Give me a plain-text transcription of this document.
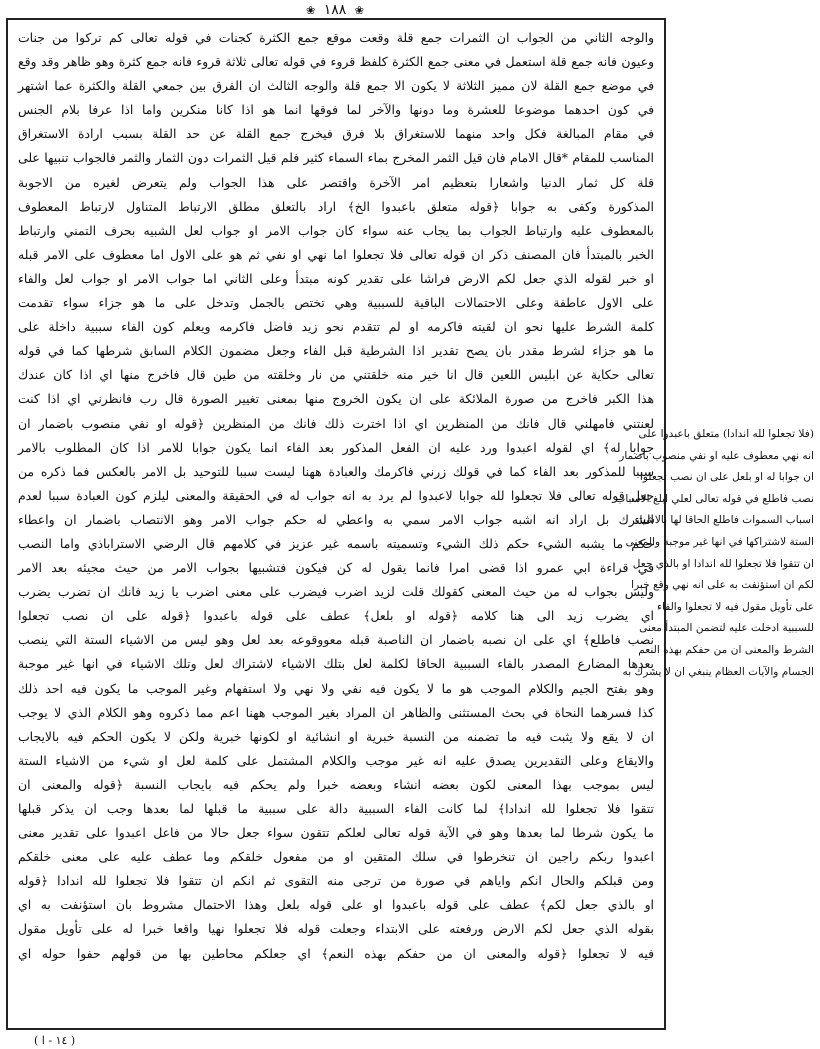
❀ ١٨٨ ❀
والوجه الثاني من الجواب ان الثمرات جمع قلة وقعت موقع جمع الكثرة كجنات في قوله تعالى كم تركوا من جنات
وعيون فانه جمع قلة استعمل في معنى جمع الكثرة كلفظ قروء في قوله تعالى ثلاثة قروء فانه جمع كثرة وهو ظاهر وقد وقع
في موضع جمع القلة لان مميز الثلاثة لا يكون الا جمع قلة والوجه الثالث ان الفرق بين جمعي القلة والكثرة عما اشتهر
في كون احدهما موضوعا للعشرة وما دونها والآخر لما فوقها انما هو اذا كانا منكرين واما اذا عرفا بلام الجنس
في مقام المبالغة فكل واحد منهما للاستغراق بلا فرق فيخرج جمع القلة عن حد القلة بسبب ارادة الاستغراق
المناسب للمقام *قال الامام فان قيل الثمر المخرج بماء السماء كثير فلم قيل الثمرات دون الثمار والثمر فالجواب تنبيها على
قلة كل ثمار الدنيا واشعارا بتعظيم امر الآخرة واقتصر على هذا الجواب ولم يتعرض لغيره من الاجوبة
المذكورة وكفى به جوابا ﴿قوله متعلق باعبدوا الخ﴾ اراد بالتعلق مطلق الارتباط المتناول لارتباط المعطوف
بالمعطوف عليه وارتباط الجواب بما يجاب عنه سواء كان جواب الامر او جواب لعل الشبيه بحرف التمني وارتباط
الخبر بالمبتدأ فان المصنف ذكر ان قوله تعالى فلا تجعلوا اما نهي او نفي ثم هو على الاول اما معطوف على الامر قبله
او خبر لقوله الذي جعل لكم الارض فراشا على تقدير كونه مبتدأ وعلى الثاني اما جواب الامر او جواب لعل والفاء
على الاول عاطفة وعلى الاحتمالات الباقية للسببية وهي تختص بالجمل وتدخل على ما هو جزاء سواء تقدمت
كلمة الشرط عليها نحو ان لقيته فاكرمه او لم تتقدم نحو زيد فاضل فاكرمه ويعلم كون الفاء سببية داخلة على
ما هو جزاء لشرط مقدر بان يصح تقدير اذا الشرطية قبل الفاء وجعل مضمون الكلام السابق شرطها كما في قوله
تعالى حكاية عن ابليس اللعين قال انا خير منه خلقتني من نار وخلقته من طين قال فاخرج منها اي اذا كان عندك
هذا الكبر فاخرج من صورة الملائكة على ان يكون الخروج منها بمعنى تغيير الصورة قال رب فانظرني اي اذا كنت
لعنتني فامهلني قال فانك من المنظرين اي اذا اخترت ذلك فانك من المنظرين ﴿قوله او نفي منصوب باضمار ان
جوابا له﴾ اي لقوله اعبدوا ورد عليه ان الفعل المذكور بعد الفاء انما يكون جوابا للامر اذا كان المطلوب بالامر
سببا للمذكور بعد الفاء كما في قولك زرني فاكرمك والعبادة ههنا ليست سببا للتوحيد بل الامر بالعكس فما ذكره من
جعل قوله تعالى فلا تجعلوا لله جوابا لاعبدوا لم يرد به انه جواب له في الحقيقة والمعنى ليلزم كون العبادة سببا لعدم
الشرك بل اراد انه اشبه جواب الامر سمي به واعطي له حكم جواب الامر وهو الانتصاب باضمار ان واعطاء
حكم ما يشبه الشيء حكم ذلك الشيء وتسميته باسمه غير عزيز في كلامهم قال الرضي الاستراباذي واما النصب
في قراءة ابي عمرو اذا قضى امرا فانما يقول له كن فيكون فتشبيها بجواب الامر من حيث مجيئه بعد الامر
وليس بجواب له من حيث المعنى كقولك قلت لزيد اضرب فيضرب على معنى اضرب يا زيد فانك ان تضرب يضرب
اي يضرب زيد الى هنا كلامه ﴿قوله او بلعل﴾ عطف على قوله باعبدوا ﴿قوله على ان نصب تجعلوا
نصب فاطلع﴾ اي على ان نصبه باضمار ان الناصبة قبله معووقوعه بعد لعل وهو ليس من الاشياء الستة التي ينصب
بعدها المضارع المصدر بالفاء السببية الحاقا لكلمة لعل بتلك الاشياء لاشتراك لعل وتلك الاشياء في انها غير موجبة
وهو بفتح الجيم والكلام الموجب هو ما لا يكون فيه نفي ولا نهي ولا استفهام وغير الموجب ما يكون فيه احد ذلك
كذا فسرهما النحاة في بحث المستثنى والظاهر ان المراد بغير الموجب ههنا اعم مما ذكروه وهو الكلام الذي لا يوجب
ان لا يقع ولا يثبت فيه ما تضمنه من النسبة خبرية او انشائية او لكونها خبرية ولكن لا يكون الحكم فيه بالايجاب
والايقاع وعلى التقديرين يصدق عليه انه غير موجب والكلام المشتمل على كلمة لعل او شيء من الاشياء الستة
ليس بموجب بهذا المعنى لكون بعضه انشاء وبعضه خبرا ولم يحكم فيه بايجاب النسبة ﴿قوله والمعنى ان
تتقوا فلا تجعلوا لله اندادا﴾ لما كانت الفاء السببية دالة على سببية ما قبلها لما بعدها وجب ان يذكر قبلها
ما يكون شرطا لما بعدها وهو في الآية قوله تعالى لعلكم تتقون سواء جعل حالا من فاعل اعبدوا على تقدير معنى
اعبدوا ربكم راجين ان تنخرطوا في سلك المتقين او من مفعول خلقكم وما عطف عليه على معنى خلقكم
ومن قبلكم والحال انكم واياهم في صورة من ترجى منه التقوى ثم انكم ان تتقوا فلا تجعلوا لله اندادا ﴿قوله
او بالذي جعل لكم﴾ عطف على قوله باعبدوا او على قوله بلعل وهذا الاحتمال مشروط بان استؤنفت به اي
بقوله الذي جعل لكم الارض ورفعته على الابتداء وجعلت قوله فلا تجعلوا نهيا واقعا خبرا له على تأويل مقول
فيه لا تجعلوا ﴿قوله والمعنى ان من حفكم بهذه النعم﴾ اي جعلكم محاطين بها من قولهم حفوا حوله اي
(فلا تجعلوا لله اندادا) متعلق باعبدوا على
انه نهي معطوف عليه او نفي منصوب باضمار
ان جوابا له او بلعل على ان نصب تجعلوا
نصب فاطلع في قوله تعالى لعلي ابلغ الاسباب
اسباب السموات فاطلع الحاقا لها بالاشياء
الستة لاشتراكها في انها غير موجبة والمعنى
ان تتقوا فلا تجعلوا لله اندادا او بالذي جعل
لكم ان استؤنفت به على انه نهي وقع خبرا
على تأويل مقول فيه لا تجعلوا والفاء
للسببية ادخلت عليه لتضمن المبتدأ معنى
الشرط والمعنى ان من حفكم بهذه النعم
الجسام والآيات العظام ينبغي ان لا يشرك به
( ١٤ - ا )
